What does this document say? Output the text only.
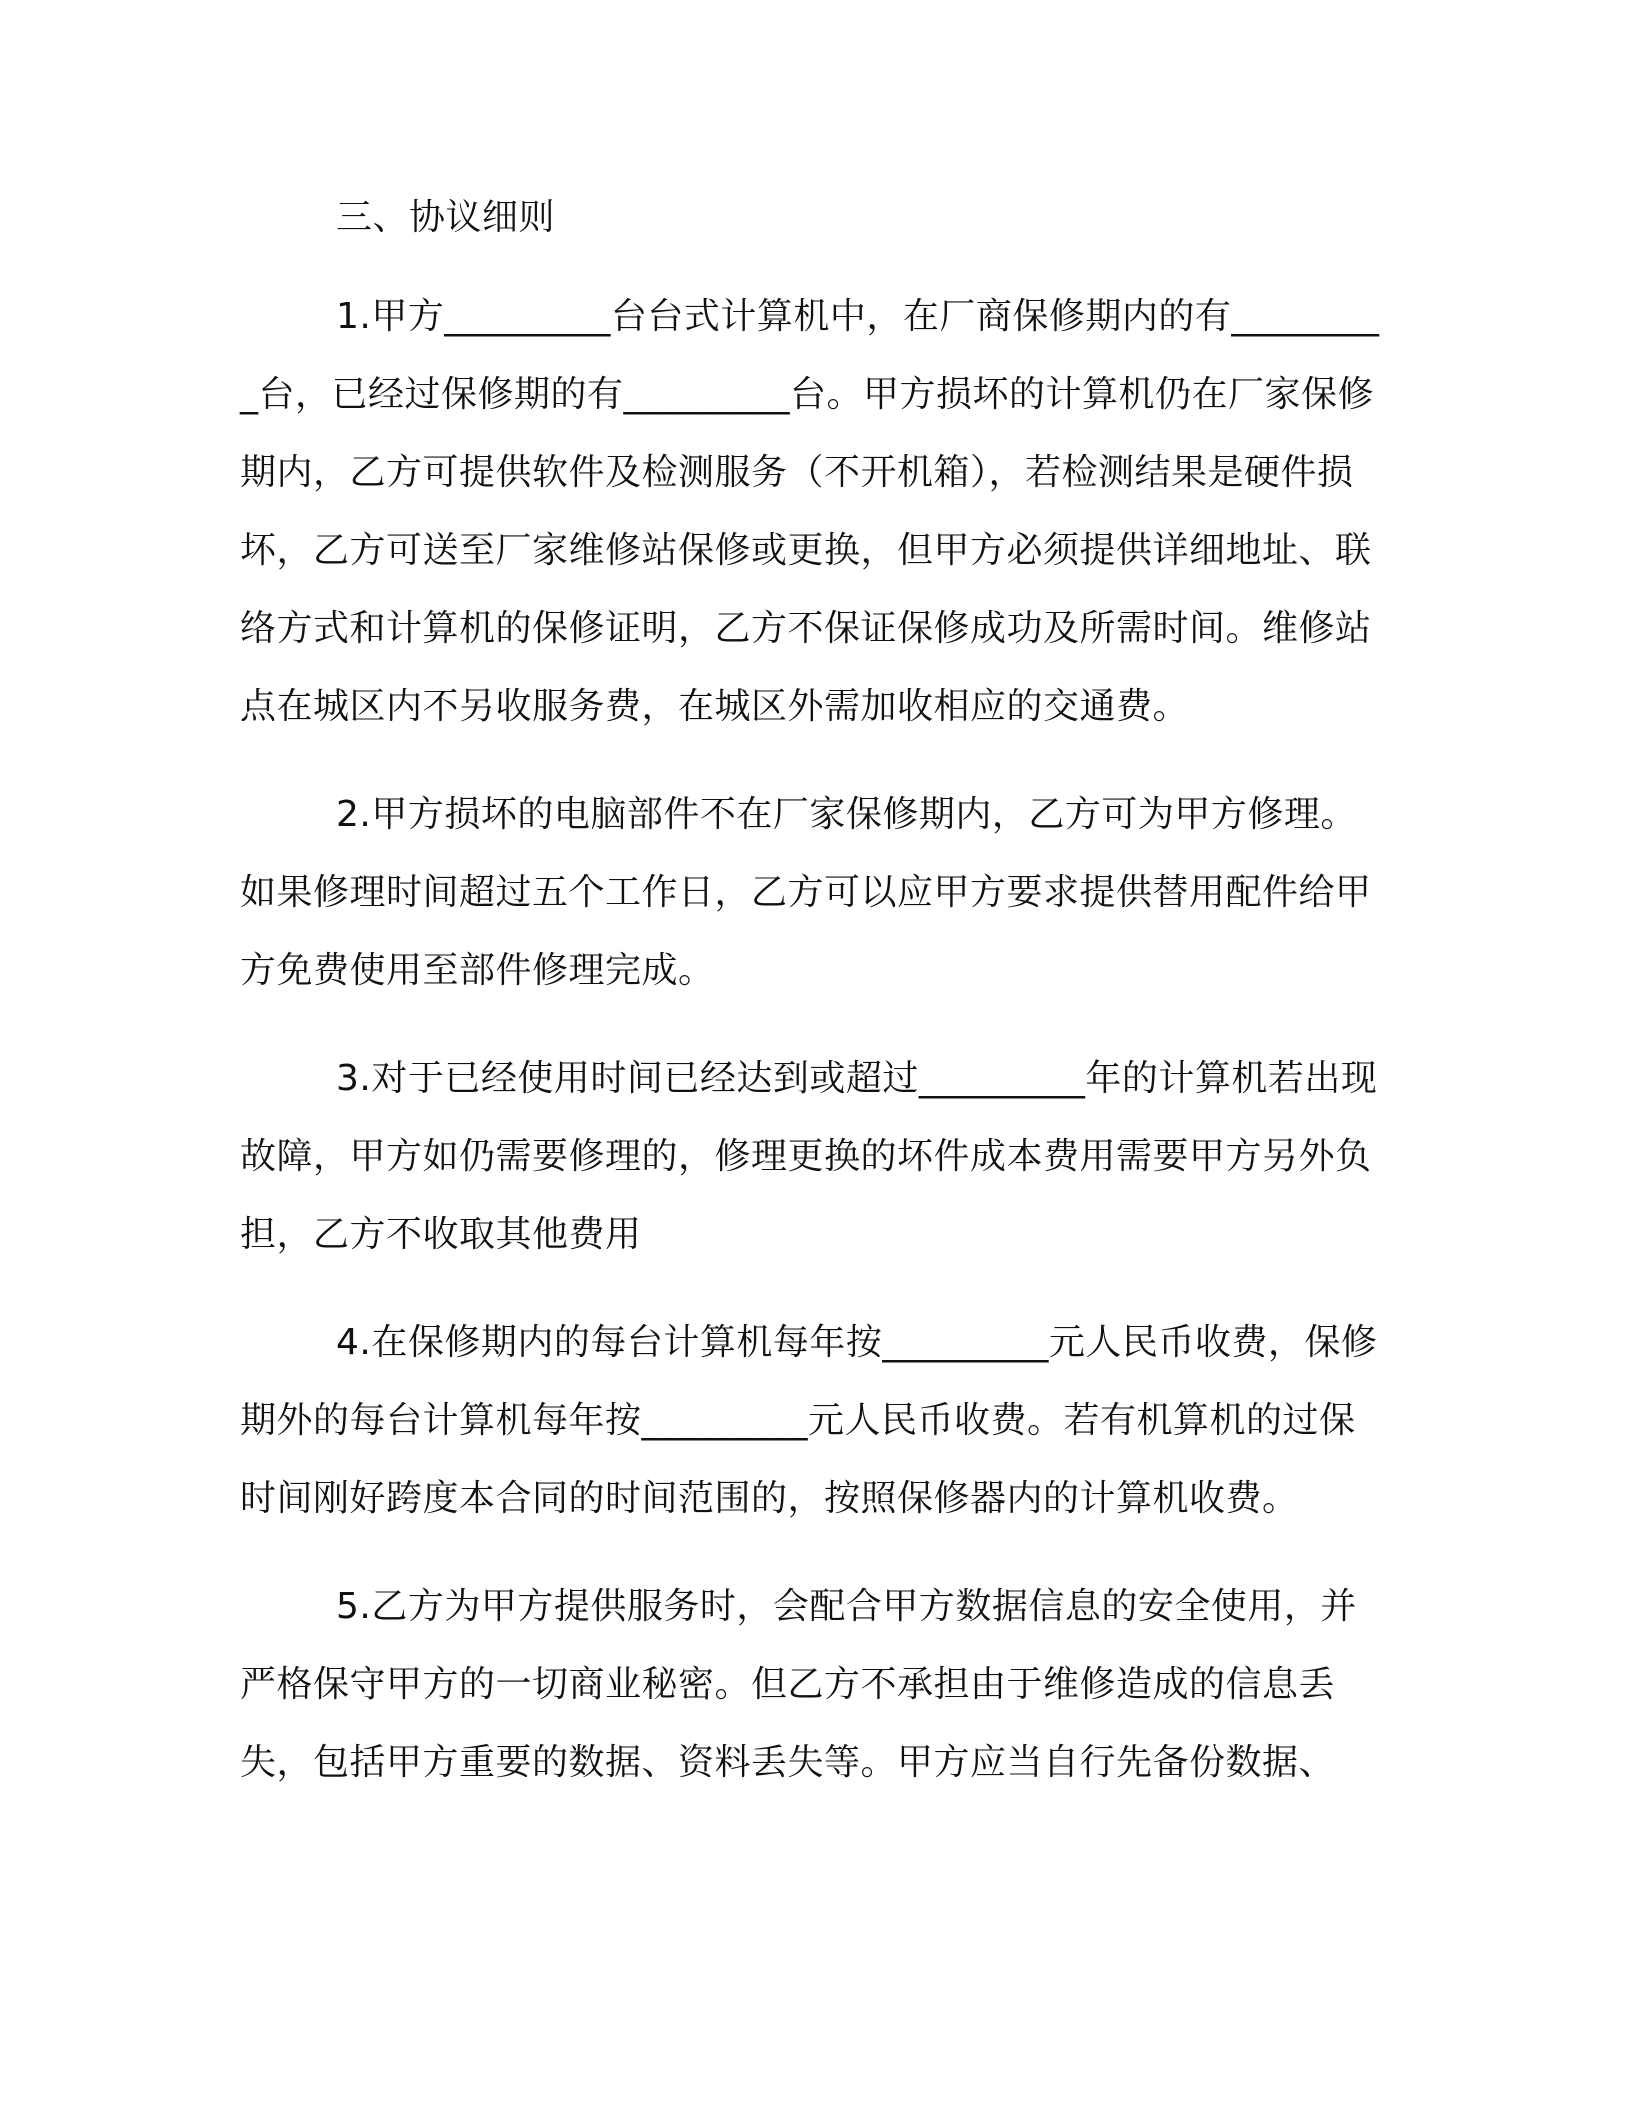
三、协议细则

1.甲方_________台台式计算机中，在厂商保修期内的有_________台，已经过保修期的有_________台。甲方损坏的计算机仍在厂家保修期内，乙方可提供软件及检测服务（不开机箱），若检测结果是硬件损坏，乙方可送至厂家维修站保修或更换，但甲方必须提供详细地址、联络方式和计算机的保修证明，乙方不保证保修成功及所需时间。维修站点在城区内不另收服务费，在城区外需加收相应的交通费。

2.甲方损坏的电脑部件不在厂家保修期内，乙方可为甲方修理。如果修理时间超过五个工作日，乙方可以应甲方要求提供替用配件给甲方免费使用至部件修理完成。

3.对于已经使用时间已经达到或超过_________年的计算机若出现故障，甲方如仍需要修理的，修理更换的坏件成本费用需要甲方另外负担，乙方不收取其他费用

4.在保修期内的每台计算机每年按_________元人民币收费，保修期外的每台计算机每年按_________元人民币收费。若有机算机的过保时间刚好跨度本合同的时间范围的，按照保修器内的计算机收费。

5.乙方为甲方提供服务时，会配合甲方数据信息的安全使用，并严格保守甲方的一切商业秘密。但乙方不承担由于维修造成的信息丢失，包括甲方重要的数据、资料丢失等。甲方应当自行先备份数据、
